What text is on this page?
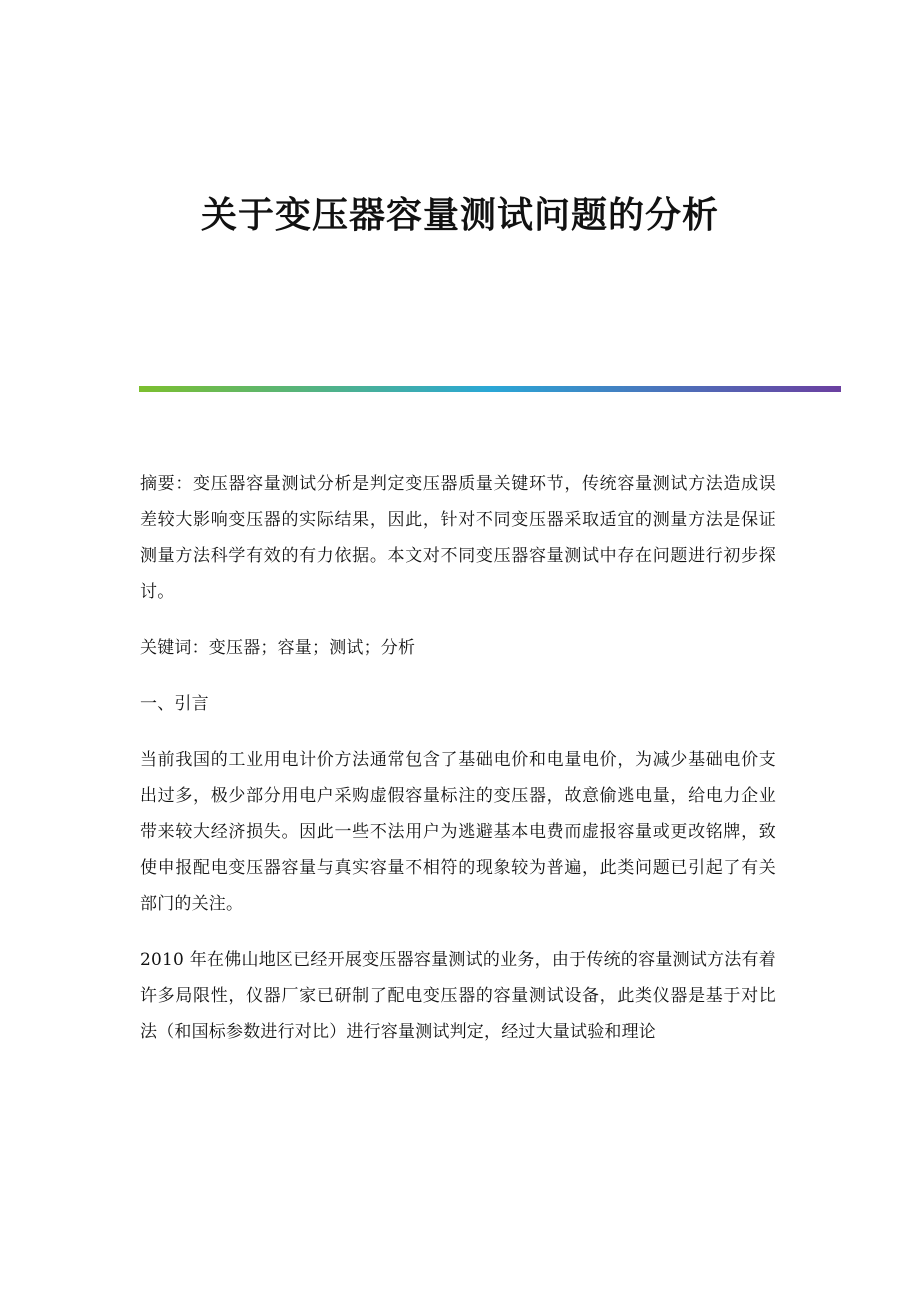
关于变压器容量测试问题的分析

摘要：变压器容量测试分析是判定变压器质量关键环节，传统容量测试方法造成误差较大影响变压器的实际结果，因此，针对不同变压器采取适宜的测量方法是保证测量方法科学有效的有力依据。本文对不同变压器容量测试中存在问题进行初步探讨。

关键词：变压器；容量；测试；分析

一、引言

当前我国的工业用电计价方法通常包含了基础电价和电量电价，为减少基础电价支出过多，极少部分用电户采购虚假容量标注的变压器，故意偷逃电量，给电力企业带来较大经济损失。因此一些不法用户为逃避基本电费而虚报容量或更改铭牌，致使申报配电变压器容量与真实容量不相符的现象较为普遍，此类问题已引起了有关部门的关注。

2010 年在佛山地区已经开展变压器容量测试的业务，由于传统的容量测试方法有着许多局限性，仪器厂家已研制了配电变压器的容量测试设备，此类仪器是基于对比法（和国标参数进行对比）进行容量测试判定，经过大量试验和理论
